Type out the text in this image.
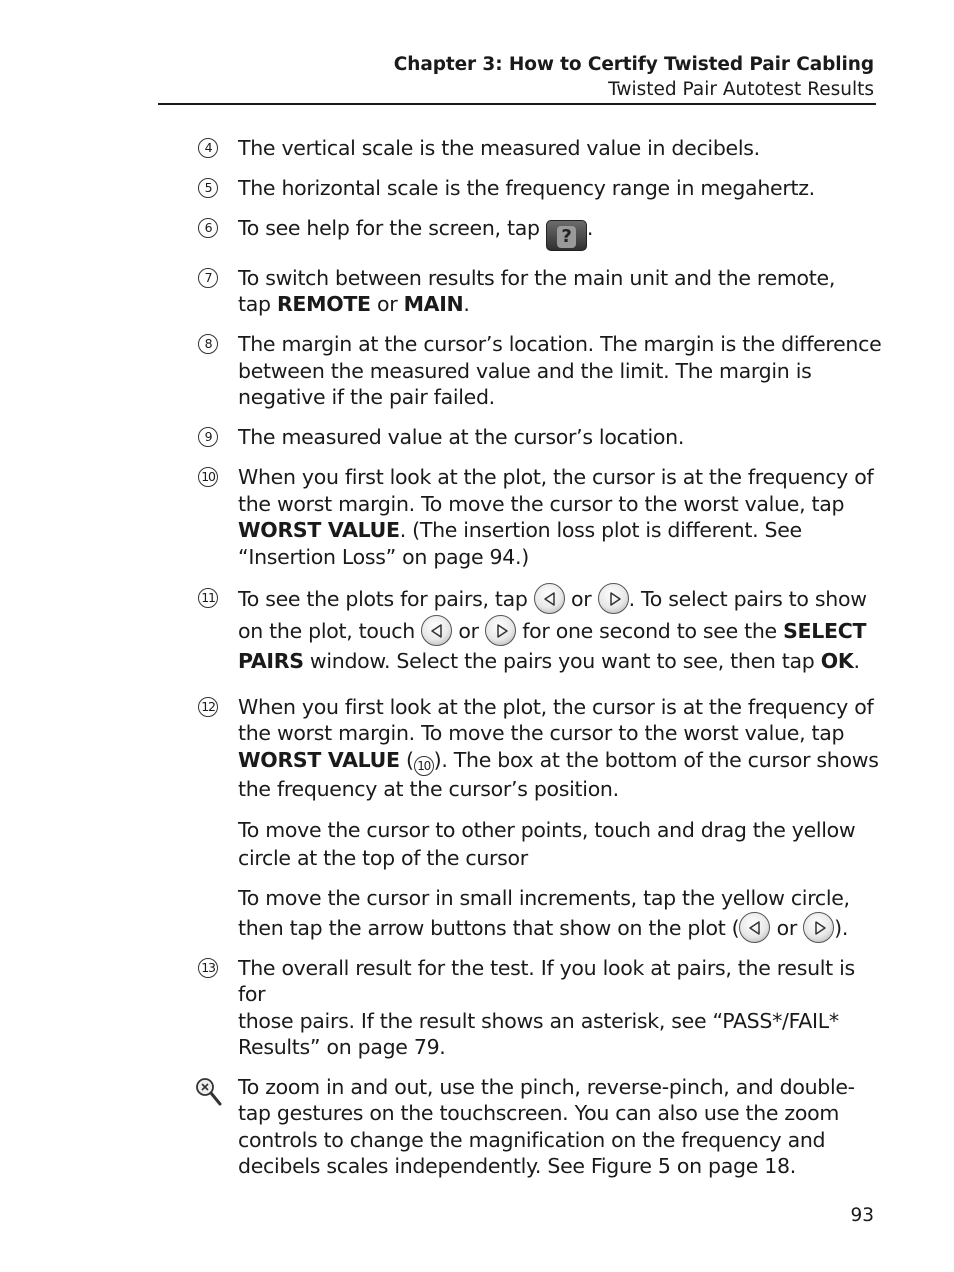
Chapter 3: How to Certify Twisted Pair Cabling
Twisted Pair Autotest Results
4	The vertical scale is the measured value in decibels.
5	The horizontal scale is the frequency range in megahertz.
6	To see help for the screen, tap ? .
7	To switch between results for the main unit and the remote,
tap REMOTE or MAIN.
8	The margin at the cursor’s location. The margin is the difference
between the measured value and the limit. The margin is
negative if the pair failed.
9	The measured value at the cursor’s location.
10 When you first look at the plot, the cursor is at the frequency of
the worst margin. To move the cursor to the worst value, tap
WORST VALUE. (The insertion loss plot is different. See
“Insertion Loss” on page 94.)
11 To see the plots for pairs, tap
or
. To select pairs to show
on the plot, touch
or
for one second to see the SELECT
PAIRS window. Select the pairs you want to see, then tap OK.
12 When you first look at the plot, the cursor is at the frequency of
the worst margin. To move the cursor to the worst value, tap
WORST VALUE ( 10 ). The box at the bottom of the cursor shows
the frequency at the cursor’s position.
To move the cursor to other points, touch and drag the yellow
circle at the top of the cursor
To move the cursor in small increments, tap the yellow circle,
then tap the arrow buttons that show on the plot (
or
).
13 The overall result for the test. If you look at pairs, the result is for
those pairs. If the result shows an asterisk, see “PASS*/FAIL*
Results” on page 79.
To zoom in and out, use the pinch, reverse-pinch, and double-
tap gestures on the touchscreen. You can also use the zoom
controls to change the magnification on the frequency and
decibels scales independently. See Figure 5 on page 18.
93
